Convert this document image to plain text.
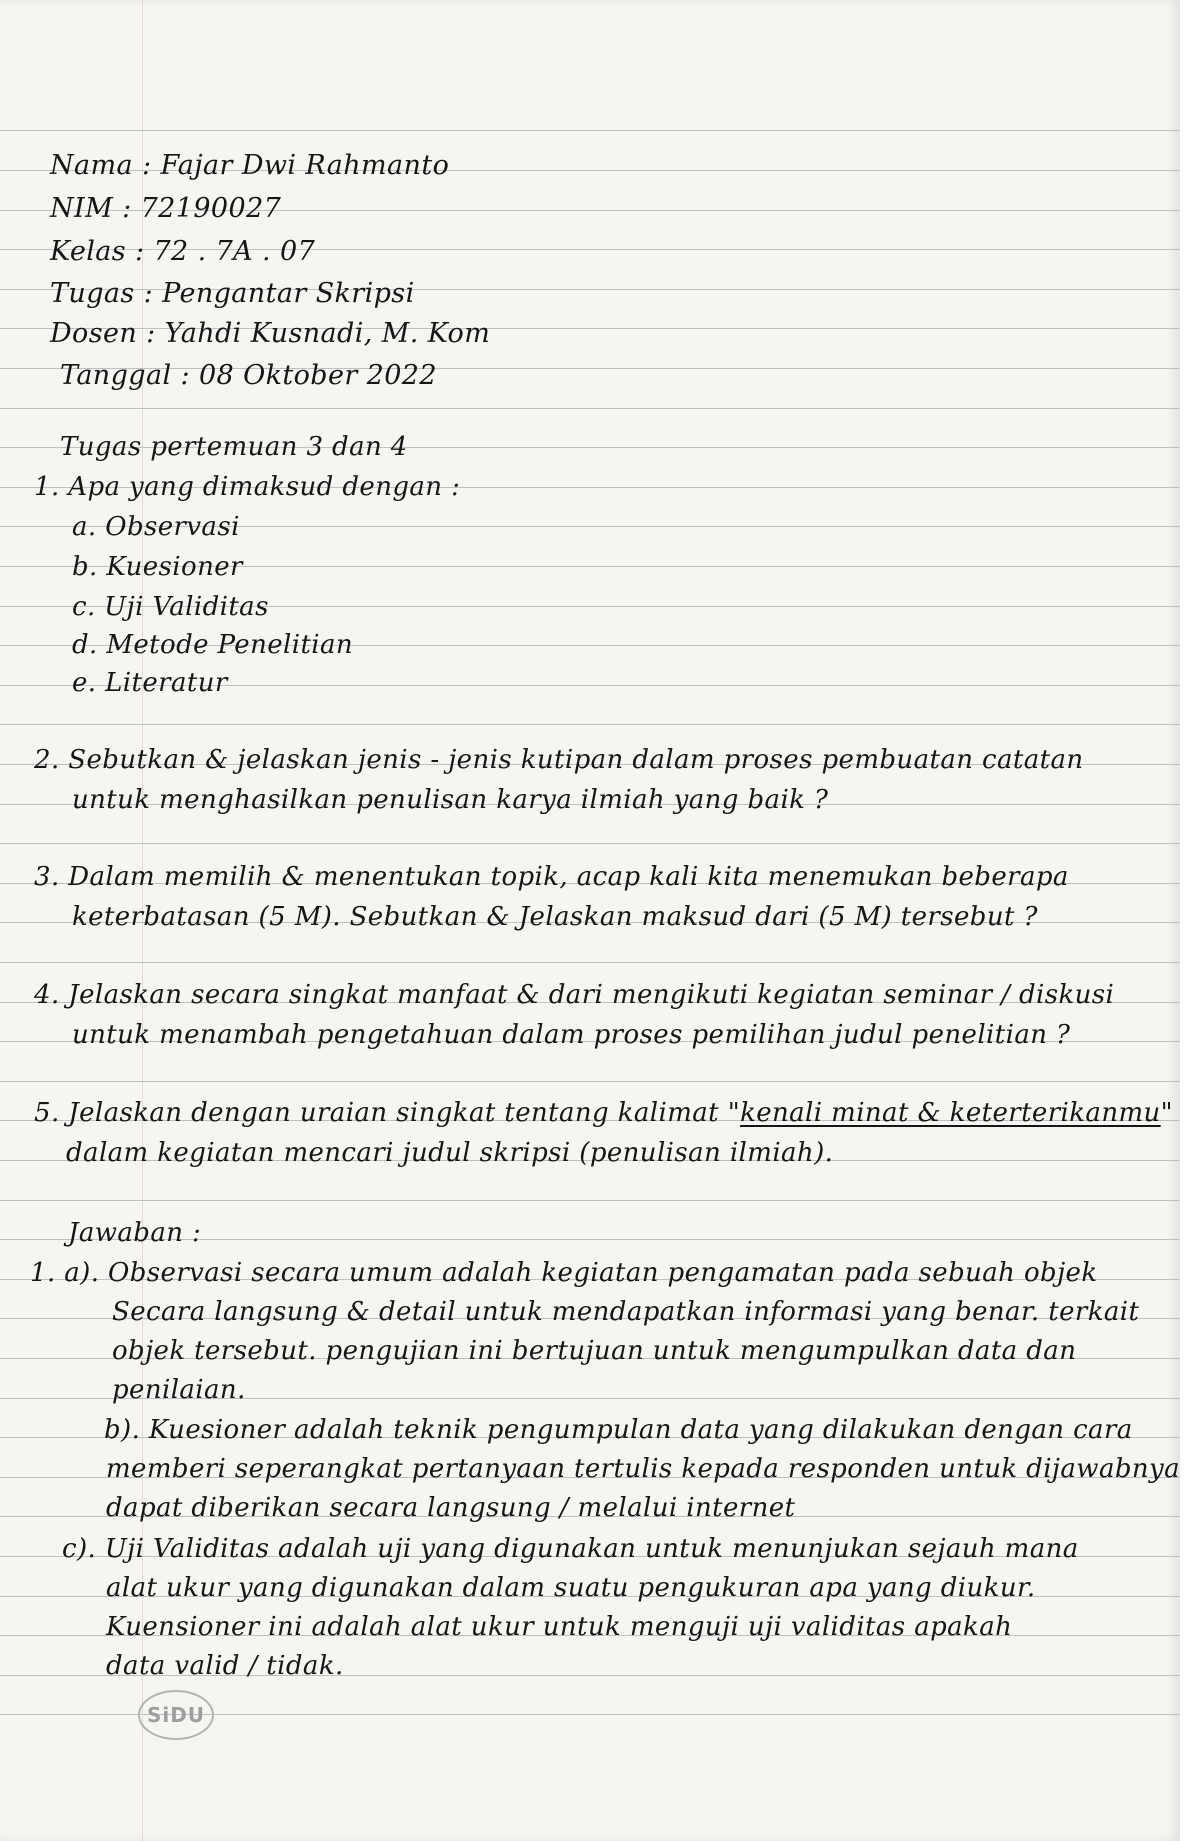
Nama : Fajar Dwi Rahmanto
NIM : 72190027
Kelas : 72 . 7A . 07
Tugas : Pengantar Skripsi
Dosen : Yahdi Kusnadi, M. Kom
Tanggal : 08 Oktober 2022
Tugas pertemuan 3 dan 4
1. Apa yang dimaksud dengan :
a. Observasi
b. Kuesioner
c. Uji Validitas
d. Metode Penelitian
e. Literatur
2. Sebutkan & jelaskan jenis - jenis kutipan dalam proses pembuatan catatan
untuk menghasilkan penulisan karya ilmiah yang baik ?
3. Dalam memilih & menentukan topik, acap kali kita menemukan beberapa
keterbatasan (5 M). Sebutkan & Jelaskan maksud dari (5 M) tersebut ?
4. Jelaskan secara singkat manfaat & dari mengikuti kegiatan seminar / diskusi
untuk menambah pengetahuan dalam proses pemilihan judul penelitian ?
5. Jelaskan dengan uraian singkat tentang kalimat "kenali minat & keterterikanmu"
dalam kegiatan mencari judul skripsi (penulisan ilmiah).
Jawaban :
1. a). Observasi secara umum adalah kegiatan pengamatan pada sebuah objek
Secara langsung & detail untuk mendapatkan informasi yang benar. terkait
objek tersebut. pengujian ini bertujuan untuk mengumpulkan data dan
penilaian.
b). Kuesioner adalah teknik pengumpulan data yang dilakukan dengan cara
memberi seperangkat pertanyaan tertulis kepada responden untuk dijawabnya
dapat diberikan secara langsung / melalui internet
c). Uji Validitas adalah uji yang digunakan untuk menunjukan sejauh mana
alat ukur yang digunakan dalam suatu pengukuran apa yang diukur.
Kuensioner ini adalah alat ukur untuk menguji uji validitas apakah
data valid / tidak.
SiDU
